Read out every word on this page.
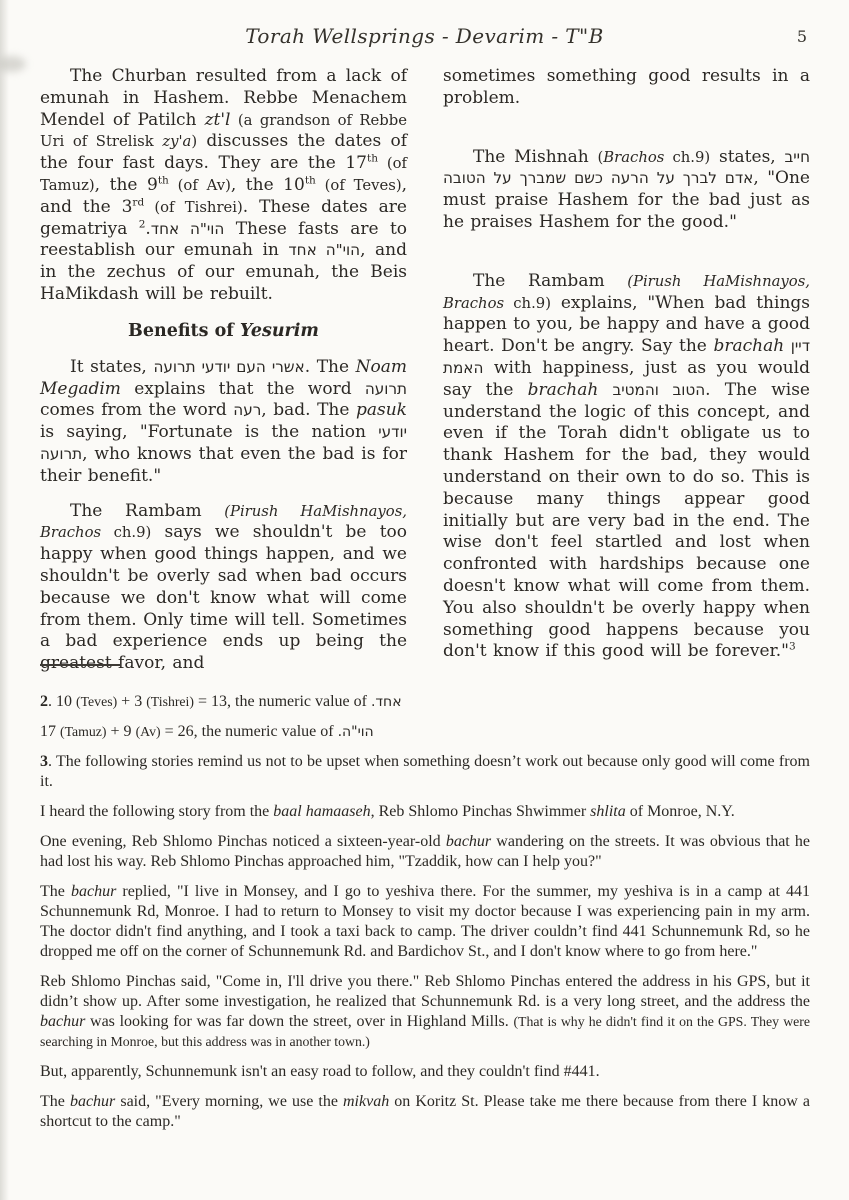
Torah Wellsprings - Devarim - T"B	5

The Churban resulted from a lack of emunah in Hashem. Rebbe Menachem Mendel of Patilch zt'l (a grandson of Rebbe Uri of Strelisk zy'a) discusses the dates of the four fast days. They are the 17th (of Tamuz), the 9th (of Av), the 10th (of Teves), and the 3rd (of Tishrei). These dates are gematriya $^2$.הוי"ה אחד These fasts are to reestablish our emunah in הוי"ה אחד, and in the zechus of our emunah, the Beis HaMikdash will be rebuilt.

Benefits of Yesurim

It states, אשרי העם יודעי תרועה. The Noam Megadim explains that the word תרועה comes from the word רעה, bad. The pasuk is saying, "Fortunate is the nation יודעי תרועה, who knows that even the bad is for their benefit."

The Rambam (Pirush HaMishnayos, Brachos ch.9) says we shouldn't be too happy when good things happen, and we shouldn't be overly sad when bad occurs because we don't know what will come from them. Only time will tell. Sometimes a bad experience ends up being the greatest favor, and

sometimes something good results in a problem.

The Mishnah (Brachos ch.9) states, חייב אדם לברך על הרעה כשם שמברך על הטובה, "One must praise Hashem for the bad just as he praises Hashem for the good."

The Rambam (Pirush HaMishnayos, Brachos ch.9) explains, "When bad things happen to you, be happy and have a good heart. Don't be angry. Say the brachah דיין האמת with happiness, just as you would say the brachah הטוב והמטיב. The wise understand the logic of this concept, and even if the Torah didn't obligate us to thank Hashem for the bad, they would understand on their own to do so. This is because many things appear good initially but are very bad in the end. The wise don't feel startled and lost when confronted with hardships because one doesn't know what will come from them. You also shouldn't be overly happy when something good happens because you don't know if this good will be forever."$^3$

2. 10 (Teves) + 3 (Tishrei) = 13, the numeric value of אחד.

17 (Tamuz) + 9 (Av) = 26, the numeric value of הוי"ה.

3. The following stories remind us not to be upset when something doesn’t work out because only good will come from it.

I heard the following story from the baal hamaaseh, Reb Shlomo Pinchas Shwimmer shlita of Monroe, N.Y.

One evening, Reb Shlomo Pinchas noticed a sixteen-year-old bachur wandering on the streets. It was obvious that he had lost his way. Reb Shlomo Pinchas approached him, "Tzaddik, how can I help you?"

The bachur replied, "I live in Monsey, and I go to yeshiva there. For the summer, my yeshiva is in a camp at 441 Schunnemunk Rd, Monroe. I had to return to Monsey to visit my doctor because I was experiencing pain in my arm. The doctor didn't find anything, and I took a taxi back to camp. The driver couldn’t find 441 Schunnemunk Rd, so he dropped me off on the corner of Schunnemunk Rd. and Bardichov St., and I don't know where to go from here."

Reb Shlomo Pinchas said, "Come in, I'll drive you there." Reb Shlomo Pinchas entered the address in his GPS, but it didn’t show up. After some investigation, he realized that Schunnemunk Rd. is a very long street, and the address the bachur was looking for was far down the street, over in Highland Mills. (That is why he didn't find it on the GPS. They were searching in Monroe, but this address was in another town.)

But, apparently, Schunnemunk isn't an easy road to follow, and they couldn't find #441.

The bachur said, "Every morning, we use the mikvah on Koritz St. Please take me there because from there I know a shortcut to the camp."
